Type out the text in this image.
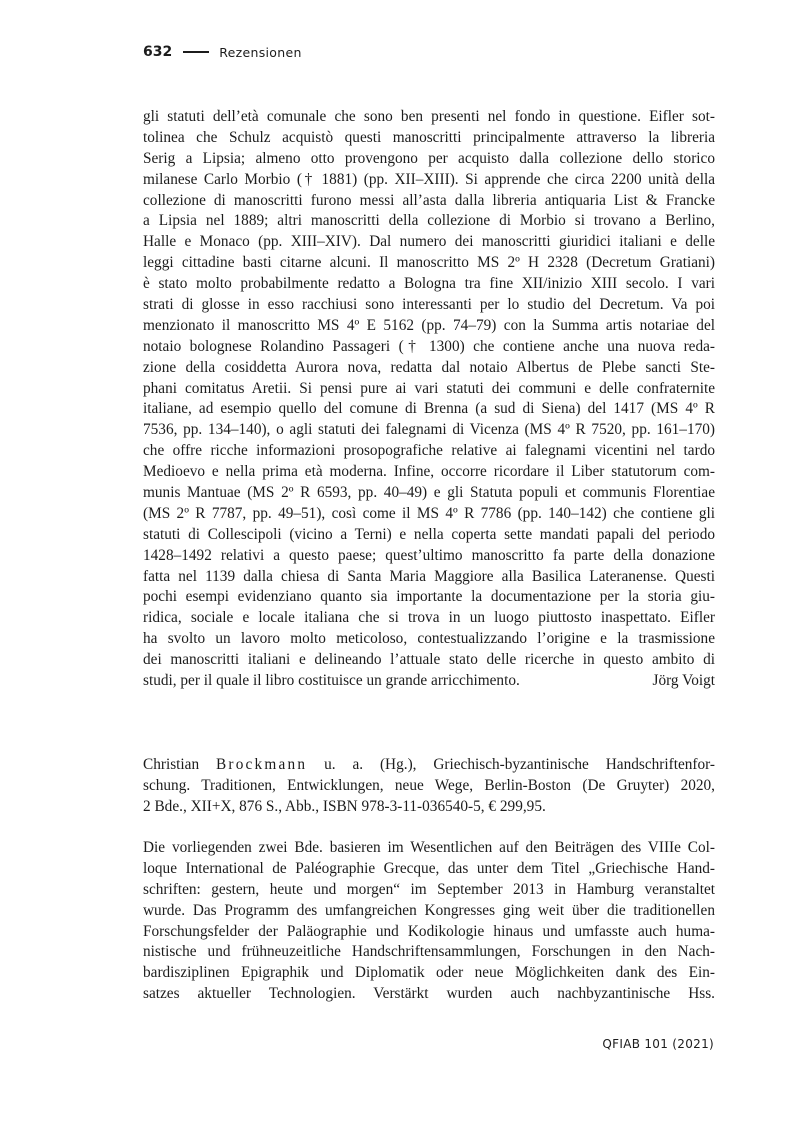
632	Rezensionen
gli statuti dell’età comunale che sono ben presenti nel fondo in questione. Eifler sot-
tolinea che Schulz acquistò questi manoscritti principalmente attraverso la libreria
Serig a Lipsia; almeno otto provengono per acquisto dalla collezione dello storico
milanese Carlo Morbio († 1881) (pp. XII–XIII). Si apprende che circa 2200 unità della
collezione di manoscritti furono messi all’asta dalla libreria antiquaria List & Francke
a Lipsia nel 1889; altri manoscritti della collezione di Morbio si trovano a Berlino,
Halle e Monaco (pp. XIII–XIV). Dal numero dei manoscritti giuridici italiani e delle
leggi cittadine basti citarne alcuni. Il manoscritto MS 2º H 2328 (Decretum Gratiani)
è stato molto probabilmente redatto a Bologna tra fine XII/inizio XIII secolo. I vari
strati di glosse in esso racchiusi sono interessanti per lo studio del Decretum. Va poi
menzionato il manoscritto MS 4º E 5162 (pp. 74–79) con la Summa artis notariae del
notaio bolognese Rolandino Passageri († 1300) che contiene anche una nuova reda-
zione della cosiddetta Aurora nova, redatta dal notaio Albertus de Plebe sancti Ste-
phani comitatus Aretii. Si pensi pure ai vari statuti dei communi e delle confraternite
italiane, ad esempio quello del comune di Brenna (a sud di Siena) del 1417 (MS 4º R
7536, pp. 134–140), o agli statuti dei falegnami di Vicenza (MS 4º R 7520, pp. 161–170)
che offre ricche informazioni prosopografiche relative ai falegnami vicentini nel tardo
Medioevo e nella prima età moderna. Infine, occorre ricordare il Liber statutorum com-
munis Mantuae (MS 2º R 6593, pp. 40–49) e gli Statuta populi et communis Florentiae
(MS 2º R 7787, pp. 49–51), così come il MS 4º R 7786 (pp. 140–142) che contiene gli
statuti di Collescipoli (vicino a Terni) e nella coperta sette mandati papali del periodo
1428–1492 relativi a questo paese; quest’ultimo manoscritto fa parte della donazione
fatta nel 1139 dalla chiesa di Santa Maria Maggiore alla Basilica Lateranense. Questi
pochi esempi evidenziano quanto sia importante la documentazione per la storia giu-
ridica, sociale e locale italiana che si trova in un luogo piuttosto inaspettato. Eifler
ha svolto un lavoro molto meticoloso, contestualizzando l’origine e la trasmissione
dei manoscritti italiani e delineando l’attuale stato delle ricerche in questo ambito di
studi, per il quale il libro costituisce un grande arricchimento.	Jörg Voigt
Christian Brockmann u. a. (Hg.), Griechisch-byzantinische Handschriftenfor-
schung. Traditionen, Entwicklungen, neue Wege, Berlin-Boston (De Gruyter) 2020,
2 Bde., XII+X, 876 S., Abb., ISBN 978-3-11-036540-5, € 299,95.
Die vorliegenden zwei Bde. basieren im Wesentlichen auf den Beiträgen des VIIIe Col-
loque International de Paléographie Grecque, das unter dem Titel „Griechische Hand-
schriften: gestern, heute und morgen“ im September 2013 in Hamburg veranstaltet
wurde. Das Programm des umfangreichen Kongresses ging weit über die traditionellen
Forschungsfelder der Paläographie und Kodikologie hinaus und umfasste auch huma-
nistische und frühneuzeitliche Handschriftensammlungen, Forschungen in den Nach-
bardisziplinen Epigraphik und Diplomatik oder neue Möglichkeiten dank des Ein-
satzes aktueller Technologien. Verstärkt wurden auch nachbyzantinische Hss.
QFIAB 101 (2021)
